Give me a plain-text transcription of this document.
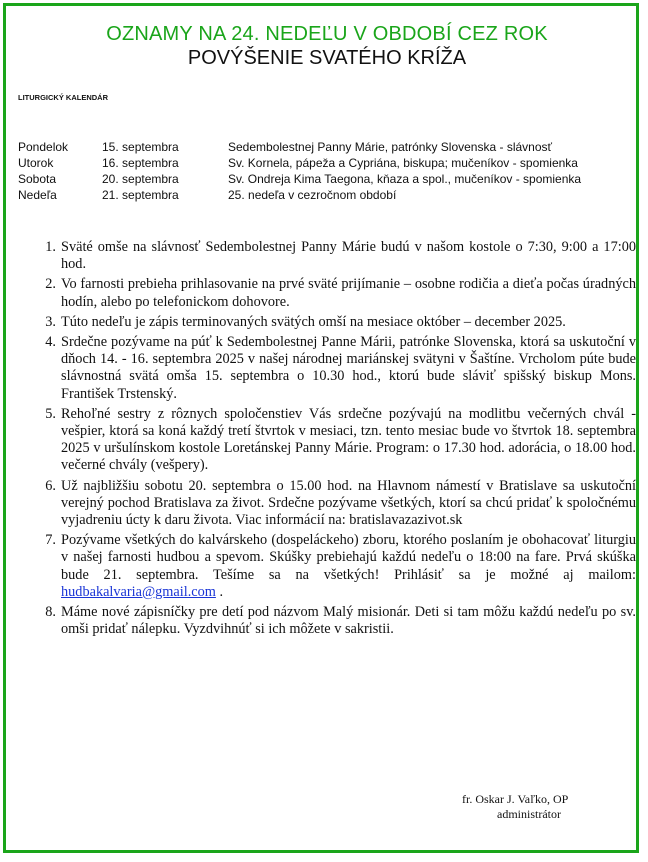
OZNAMY NA 24. NEDEĽU V OBDOBÍ CEZ ROK
POVÝŠENIE SVATÉHO KRÍŽA
LITURGICKÝ KALENDÁR
Pondelok	15. septembra	Sedembolestnej Panny Márie, patrónky Slovenska - slávnosť
Utorok	16. septembra	Sv. Kornela, pápeža a Cypriána, biskupa; mučeníkov - spomienka
Sobota	20. septembra	Sv. Ondreja Kima Taegona, kňaza a spol., mučeníkov - spomienka
Nedeľa	21. septembra	25. nedeľa v cezročnom období
1. Sväté omše na slávnosť Sedembolestnej Panny Márie budú v našom kostole o 7:30, 9:00 a 17:00 hod.
2. Vo farnosti prebieha prihlasovanie na prvé sväté prijímanie – osobne rodičia a dieťa počas úradných hodín, alebo po telefonickom dohovore.
3. Túto nedeľu je zápis terminovaných svätých omší na mesiace október – december 2025.
4. Srdečne pozývame na púť k Sedembolestnej Panne Márii, patrónke Slovenska, ktorá sa uskutoční v dňoch 14. - 16. septembra 2025 v našej národnej mariánskej svätyni v Šaštíne. Vrcholom púte bude slávnostná svätá omša 15. septembra o 10.30 hod., ktorú bude sláviť spišský biskup Mons. František Trstenský.
5. Rehoľné sestry z rôznych spoločenstiev Vás srdečne pozývajú na modlitbu večerných chvál - vešpier, ktorá sa koná každý tretí štvrtok v mesiaci, tzn. tento mesiac bude vo štvrtok 18. septembra 2025 v uršulínskom kostole Loretánskej Panny Márie. Program: o 17.30 hod. adorácia, o 18.00 hod. večerné chvály (vešpery).
6. Už najbližšiu sobotu 20. septembra o 15.00 hod. na Hlavnom námestí v Bratislave sa uskutoční verejný pochod Bratislava za život. Srdečne pozývame všetkých, ktorí sa chcú pridať k spoločnému vyjadreniu úcty k daru života. Viac informácií na: bratislavazazivot.sk
7. Pozývame všetkých do kalvárskeho (dospeláckeho) zboru, ktorého poslaním je obohacovať liturgiu v našej farnosti hudbou a spevom. Skúšky prebiehajú každú nedeľu o 18:00 na fare. Prvá skúška bude 21. septembra. Tešíme sa na všetkých! Prihlásiť sa je možné aj mailom: hudbakalvaria@gmail.com .
8. Máme nové zápisníčky pre detí pod názvom Malý misionár. Deti si tam môžu každú nedeľu po sv. omši pridať nálepku. Vyzdvihnúť si ich môžete v sakristii.
fr. Oskar J. Vaľko, OP
administrátor
